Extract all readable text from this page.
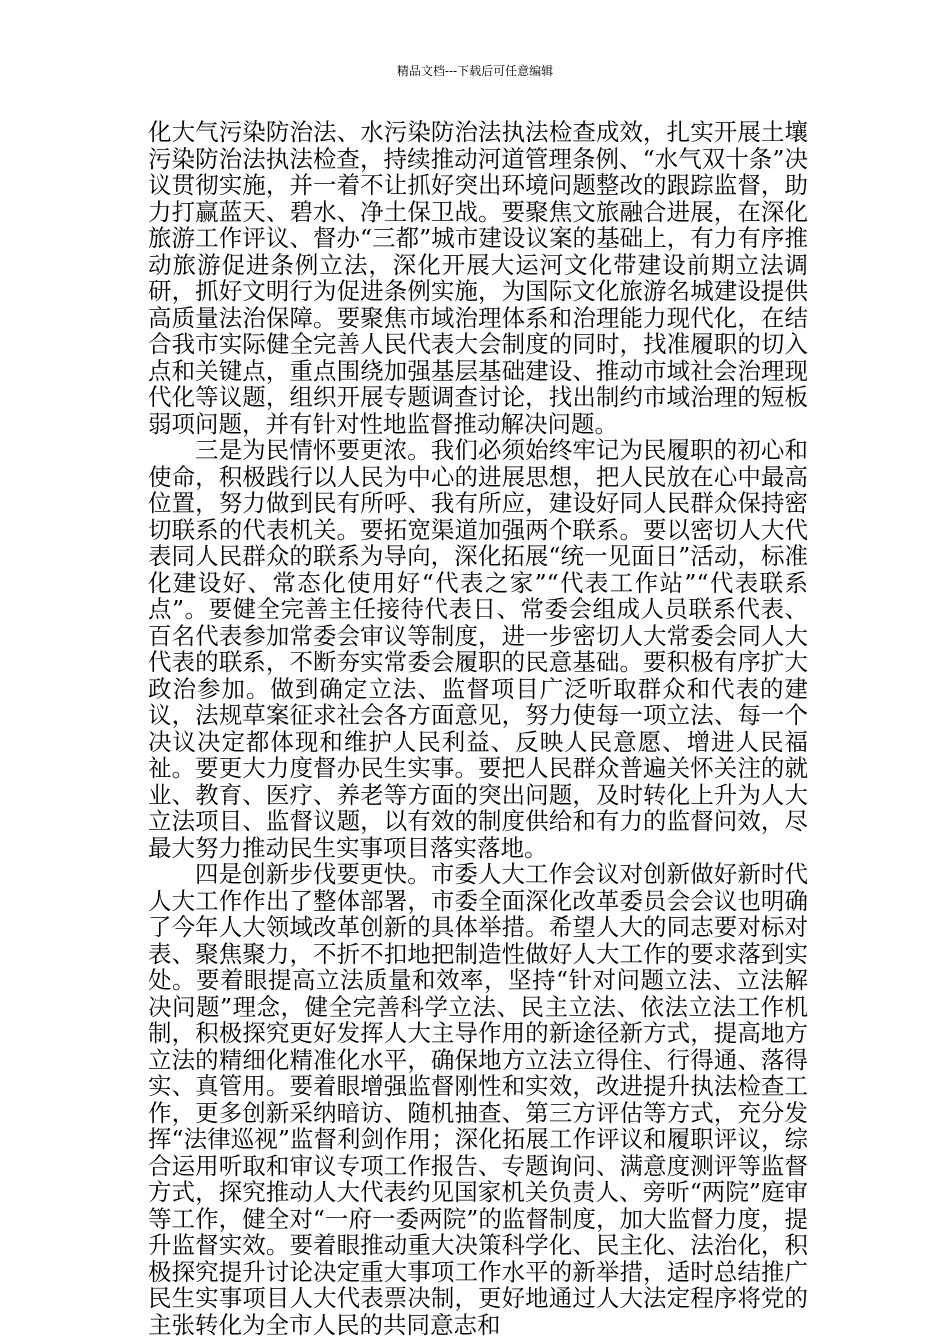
精品文档---下载后可任意编辑

化大气污染防治法、水污染防治法执法检查成效，扎实开展土壤污染防治法执法检查，持续推动河道管理条例、“水气双十条”决议贯彻实施，并一着不让抓好突出环境问题整改的跟踪监督，助力打赢蓝天、碧水、净土保卫战。要聚焦文旅融合进展，在深化旅游工作评议、督办“三都”城市建设议案的基础上，有力有序推动旅游促进条例立法，深化开展大运河文化带建设前期立法调研，抓好文明行为促进条例实施，为国际文化旅游名城建设提供高质量法治保障。要聚焦市域治理体系和治理能力现代化，在结合我市实际健全完善人民代表大会制度的同时，找准履职的切入点和关键点，重点围绕加强基层基础建设、推动市域社会治理现代化等议题，组织开展专题调查讨论，找出制约市域治理的短板弱项问题，并有针对性地监督推动解决问题。

三是为民情怀要更浓。我们必须始终牢记为民履职的初心和使命，积极践行以人民为中心的进展思想，把人民放在心中最高位置，努力做到民有所呼、我有所应，建设好同人民群众保持密切联系的代表机关。要拓宽渠道加强两个联系。要以密切人大代表同人民群众的联系为导向，深化拓展“统一见面日”活动，标准化建设好、常态化使用好“代表之家”“代表工作站”“代表联系点”。要健全完善主任接待代表日、常委会组成人员联系代表、百名代表参加常委会审议等制度，进一步密切人大常委会同人大代表的联系，不断夯实常委会履职的民意基础。要积极有序扩大政治参加。做到确定立法、监督项目广泛听取群众和代表的建议，法规草案征求社会各方面意见，努力使每一项立法、每一个决议决定都体现和维护人民利益、反映人民意愿、增进人民福祉。要更大力度督办民生实事。要把人民群众普遍关怀关注的就业、教育、医疗、养老等方面的突出问题，及时转化上升为人大立法项目、监督议题，以有效的制度供给和有力的监督问效，尽最大努力推动民生实事项目落实落地。

四是创新步伐要更快。市委人大工作会议对创新做好新时代人大工作作出了整体部署，市委全面深化改革委员会会议也明确了今年人大领域改革创新的具体举措。希望人大的同志要对标对表、聚焦聚力，不折不扣地把制造性做好人大工作的要求落到实处。要着眼提高立法质量和效率，坚持“针对问题立法、立法解决问题”理念，健全完善科学立法、民主立法、依法立法工作机制，积极探究更好发挥人大主导作用的新途径新方式，提高地方立法的精细化精准化水平，确保地方立法立得住、行得通、落得实、真管用。要着眼增强监督刚性和实效，改进提升执法检查工作，更多创新采纳暗访、随机抽查、第三方评估等方式，充分发挥“法律巡视”监督利剑作用；深化拓展工作评议和履职评议，综合运用听取和审议专项工作报告、专题询问、满意度测评等监督方式，探究推动人大代表约见国家机关负责人、旁听“两院”庭审等工作，健全对“一府一委两院”的监督制度，加大监督力度，提升监督实效。要着眼推动重大决策科学化、民主化、法治化，积极探究提升讨论决定重大事项工作水平的新举措，适时总结推广民生实事项目人大代表票决制，更好地通过人大法定程序将党的主张转化为全市人民的共同意志和
